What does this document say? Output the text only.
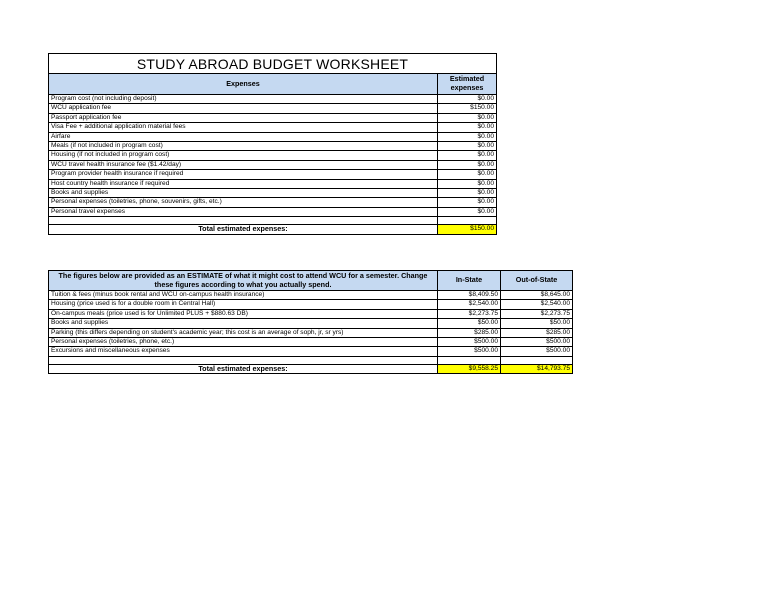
STUDY ABROAD BUDGET WORKSHEET	
Expenses	Estimated expenses
Program cost (not including deposit)	$0.00
WCU application fee	$150.00
Passport application fee	$0.00
Visa Fee + additional application material fees	$0.00
Airfare	$0.00
Meals (if not included in program cost)	$0.00
Housing (if not included in program cost)	$0.00
WCU travel health insurance fee ($1.42/day)	$0.00
Program provider health insurance if required	$0.00
Host country health insurance if required	$0.00
Books and supplies	$0.00
Personal expenses (toiletries, phone, souvenirs, gifts, etc.)	$0.00
Personal travel expenses	$0.00

Total estimated expenses:	$150.00
The figures below are provided as an ESTIMATE of what it might cost to attend WCU for a semester. Change these figures according to what you actually spend.	In-State	Out-of-State
Tuition & fees (minus book rental and WCU on-campus health insurance)	$8,409.50	$8,645.00
Housing (price used is for a double room in Central Hall)	$2,540.00	$2,540.00
On-campus meals (price used is for Unlimited PLUS + $880.63 DB)	$2,273.75	$2,273.75
Books and supplies	$50.00	$50.00
Parking (this differs depending on student's academic year; this cost is an average of soph, jr, sr yrs)	$285.00	$285.00
Personal expenses (toiletries, phone, etc.)	$500.00	$500.00
Excursions and miscellaneous expenses	$500.00	$500.00

Total estimated expenses:	$9,558.25	$14,793.75
